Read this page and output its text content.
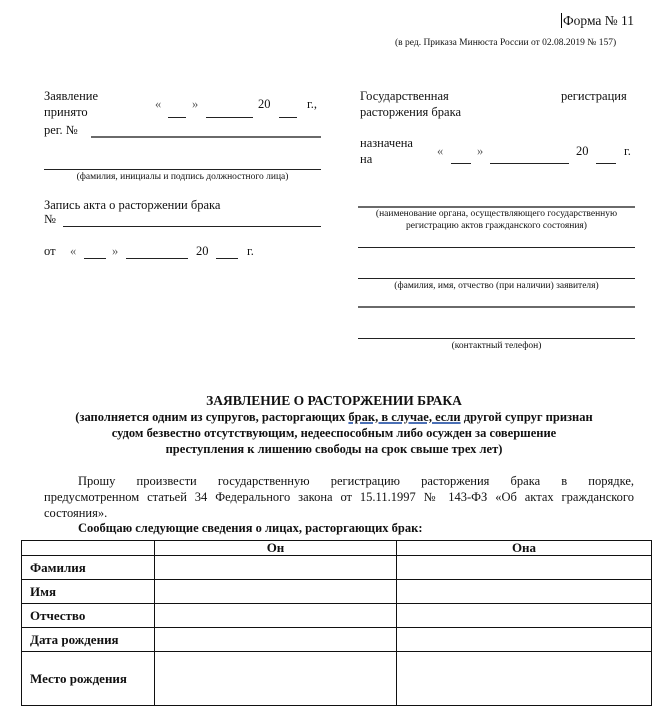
Форма № 11
(в ред. Приказа Минюста России от 02.08.2019 № 157)
Заявление
принято
« »	20	г.,
рег. №
(фамилия, инициалы и подпись должностного лица)
Запись акта о расторжении брака
№
от «	»	20	г.
Государственная	регистрация
расторжения брака
назначена
на
«	»	20	г.
(наименование органа, осуществляющего государственную регистрацию актов гражданского состояния)
(фамилия, имя, отчество (при наличии) заявителя)
(контактный телефон)
ЗАЯВЛЕНИЕ О РАСТОРЖЕНИИ БРАКА
(заполняется одним из супругов, расторгающих брак, в случае, если другой супруг признан
судом безвестно отсутствующим, недееспособным либо осужден за совершение
преступления к лишению свободы на срок свыше трех лет)
Прошу произвести государственную регистрацию расторжения брака в порядке,
предусмотренном статьей 34 Федерального закона от 15.11.1997 № 143-ФЗ «Об актах гражданского
состояния».
Сообщаю следующие сведения о лицах, расторгающих брак:
	Он	Она
Фамилия		
Имя		
Отчество		
Дата рождения		
Место рождения		
